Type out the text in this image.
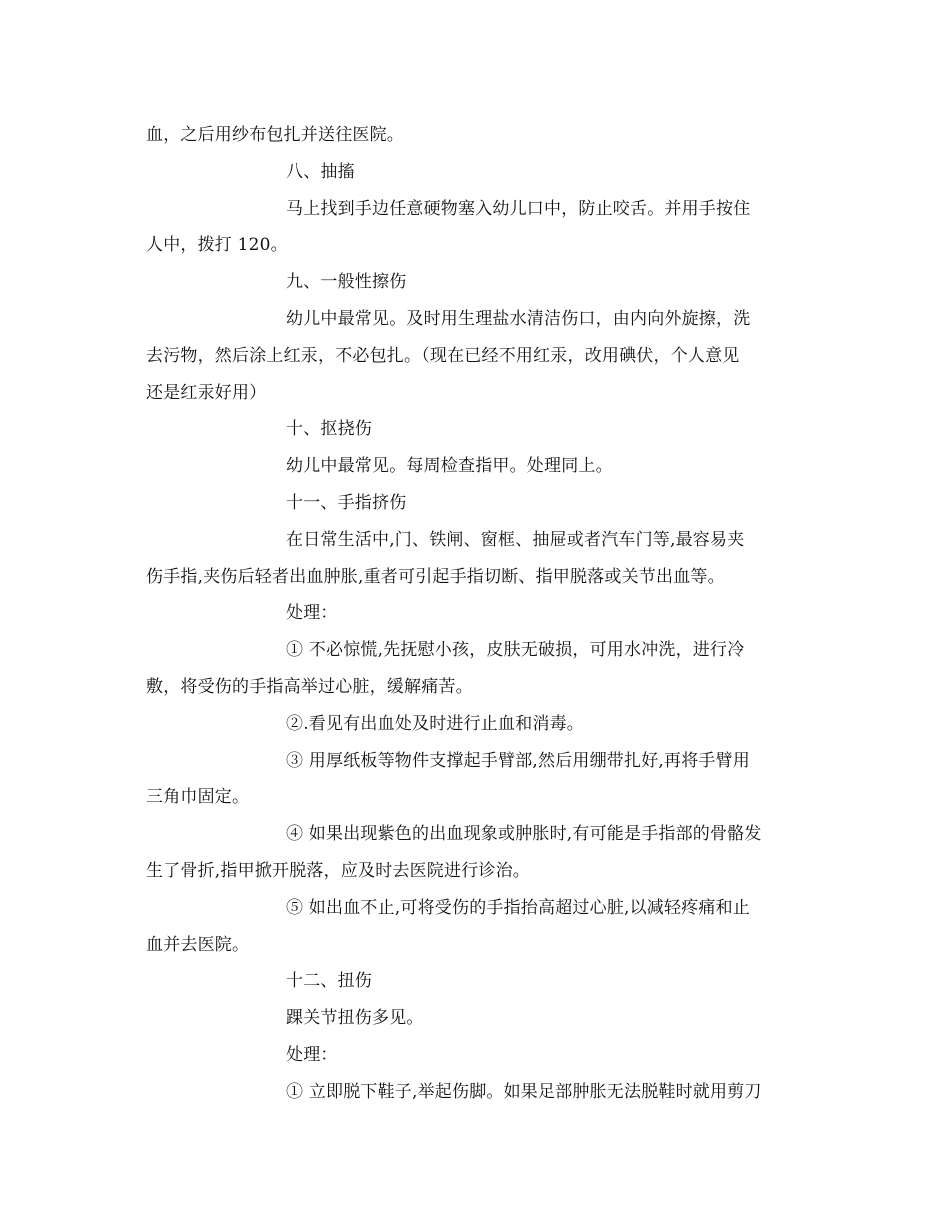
血，之后用纱布包扎并送往医院。
八、抽搐
马上找到手边任意硬物塞入幼儿口中，防止咬舌。并用手按住
人中，拨打 120。
九、一般性擦伤
幼儿中最常见。及时用生理盐水清洁伤口，由内向外旋擦，洗
去污物，然后涂上红汞，不必包扎。（现在已经不用红汞，改用碘伏，个人意见
还是红汞好用）
十、抠挠伤
幼儿中最常见。每周检查指甲。处理同上。
十一、手指挤伤
在日常生活中,门、铁闸、窗框、抽屉或者汽车门等,最容易夹
伤手指,夹伤后轻者出血肿胀,重者可引起手指切断、指甲脱落或关节出血等。
处理：
① 不必惊慌,先抚慰小孩，皮肤无破损，可用水冲洗，进行冷
敷，将受伤的手指高举过心脏，缓解痛苦。
②.看见有出血处及时进行止血和消毒。
③ 用厚纸板等物件支撑起手臂部,然后用绷带扎好,再将手臂用
三角巾固定。
④ 如果出现紫色的出血现象或肿胀时,有可能是手指部的骨骼发
生了骨折,指甲掀开脱落，应及时去医院进行诊治。
⑤ 如出血不止,可将受伤的手指抬高超过心脏,以减轻疼痛和止
血并去医院。
十二、扭伤
踝关节扭伤多见。
处理：
① 立即脱下鞋子,举起伤脚。如果足部肿胀无法脱鞋时就用剪刀
